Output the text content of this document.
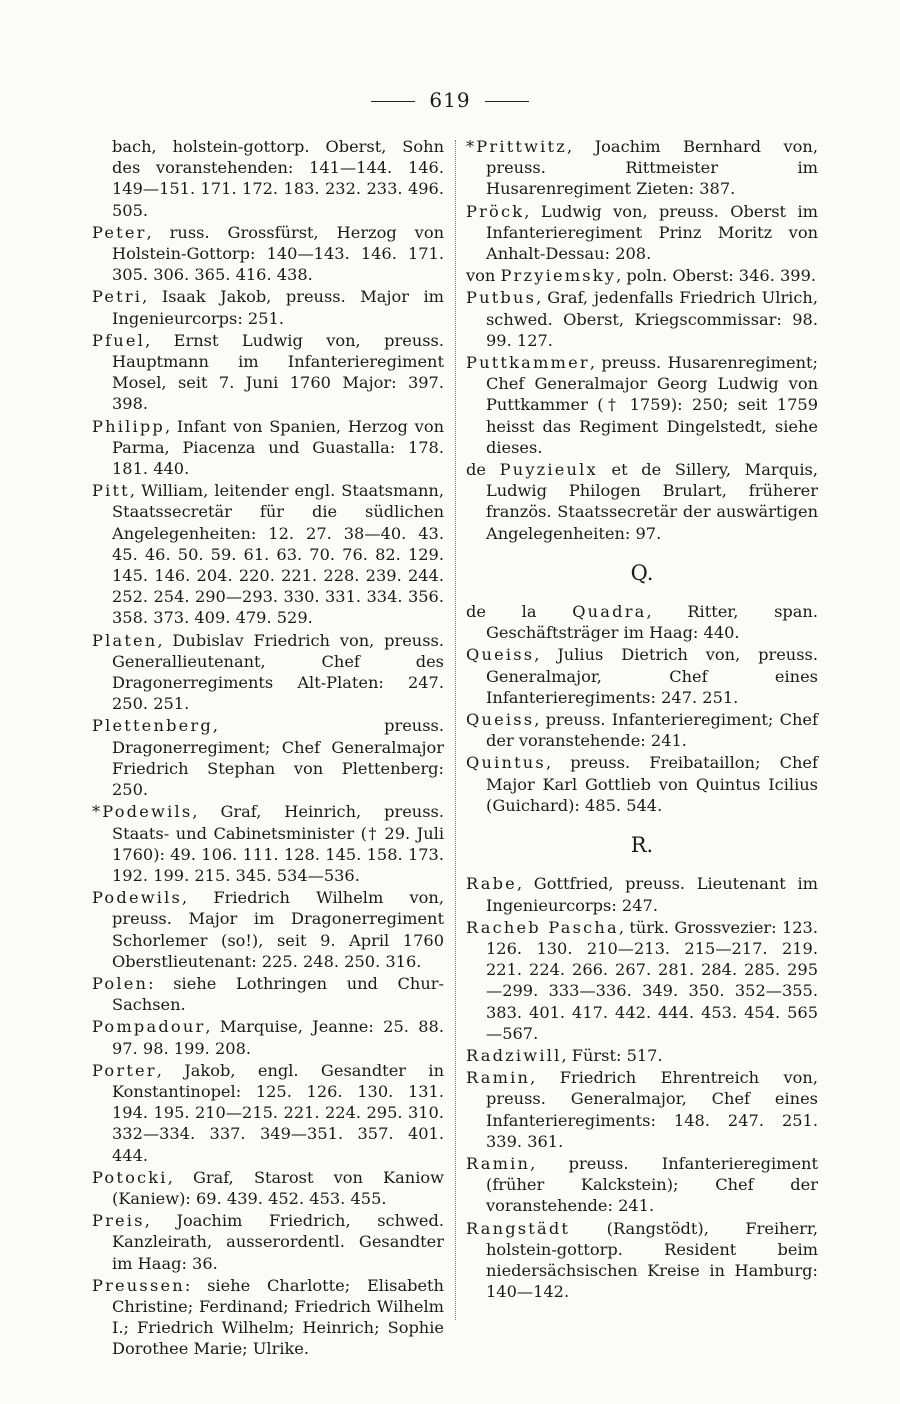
619
bach, holstein-gottorp. Oberst, Sohn des voranstehenden: 141—144. 146. 149—151. 171. 172. 183. 232. 233. 496. 505.
Peter, russ. Grossfürst, Herzog von Holstein-Gottorp: 140—143. 146. 171. 305. 306. 365. 416. 438.
Petri, Isaak Jakob, preuss. Major im Ingenieurcorps: 251.
Pfuel, Ernst Ludwig von, preuss. Hauptmann im Infanterieregiment Mosel, seit 7. Juni 1760 Major: 397. 398.
Philipp, Infant von Spanien, Herzog von Parma, Piacenza und Guastalla: 178. 181. 440.
Pitt, William, leitender engl. Staatsmann, Staatssecretär für die südlichen Angelegenheiten: 12. 27. 38—40. 43. 45. 46. 50. 59. 61. 63. 70. 76. 82. 129. 145. 146. 204. 220. 221. 228. 239. 244. 252. 254. 290—293. 330. 331. 334. 356. 358. 373. 409. 479. 529.
Platen, Dubislav Friedrich von, preuss. Generallieutenant, Chef des Dragonerregiments Alt-Platen: 247. 250. 251.
Plettenberg, preuss. Dragonerregiment; Chef Generalmajor Friedrich Stephan von Plettenberg: 250.
*Podewils, Graf, Heinrich, preuss. Staats- und Cabinetsminister († 29. Juli 1760): 49. 106. 111. 128. 145. 158. 173. 192. 199. 215. 345. 534—536.
Podewils, Friedrich Wilhelm von, preuss. Major im Dragonerregiment Schorlemer (so!), seit 9. April 1760 Oberstlieutenant: 225. 248. 250. 316.
Polen: siehe Lothringen und Chur-Sachsen.
Pompadour, Marquise, Jeanne: 25. 88. 97. 98. 199. 208.
Porter, Jakob, engl. Gesandter in Konstantinopel: 125. 126. 130. 131. 194. 195. 210—215. 221. 224. 295. 310. 332—334. 337. 349—351. 357. 401. 444.
Potocki, Graf, Starost von Kaniow (Kaniew): 69. 439. 452. 453. 455.
Preis, Joachim Friedrich, schwed. Kanzleirath, ausserordentl. Gesandter im Haag: 36.
Preussen: siehe Charlotte; Elisabeth Christine; Ferdinand; Friedrich Wilhelm I.; Friedrich Wilhelm; Heinrich; Sophie Dorothee Marie; Ulrike.
*Prittwitz, Joachim Bernhard von, preuss. Rittmeister im Husarenregiment Zieten: 387.
Pröck, Ludwig von, preuss. Oberst im Infanterieregiment Prinz Moritz von Anhalt-Dessau: 208.
von Przyiemsky, poln. Oberst: 346. 399.
Putbus, Graf, jedenfalls Friedrich Ulrich, schwed. Oberst, Kriegscommissar: 98. 99. 127.
Puttkammer, preuss. Husarenregiment; Chef Generalmajor Georg Ludwig von Puttkammer († 1759): 250; seit 1759 heisst das Regiment Dingelstedt, siehe dieses.
de Puyzieulx et de Sillery, Marquis, Ludwig Philogen Brulart, früherer französ. Staatssecretär der auswärtigen Angelegenheiten: 97.
Q.
de la Quadra, Ritter, span. Geschäftsträger im Haag: 440.
Queiss, Julius Dietrich von, preuss. Generalmajor, Chef eines Infanterieregiments: 247. 251.
Queiss, preuss. Infanterieregiment; Chef der voranstehende: 241.
Quintus, preuss. Freibataillon; Chef Major Karl Gottlieb von Quintus Icilius (Guichard): 485. 544.
R.
Rabe, Gottfried, preuss. Lieutenant im Ingenieurcorps: 247.
Racheb Pascha, türk. Grossvezier: 123. 126. 130. 210—213. 215—217. 219. 221. 224. 266. 267. 281. 284. 285. 295—299. 333—336. 349. 350. 352—355. 383. 401. 417. 442. 444. 453. 454. 565—567.
Radziwill, Fürst: 517.
Ramin, Friedrich Ehrentreich von, preuss. Generalmajor, Chef eines Infanterieregiments: 148. 247. 251. 339. 361.
Ramin, preuss. Infanterieregiment (früher Kalckstein); Chef der voranstehende: 241.
Rangstädt (Rangstödt), Freiherr, holstein-gottorp. Resident beim niedersächsischen Kreise in Hamburg: 140—142.
